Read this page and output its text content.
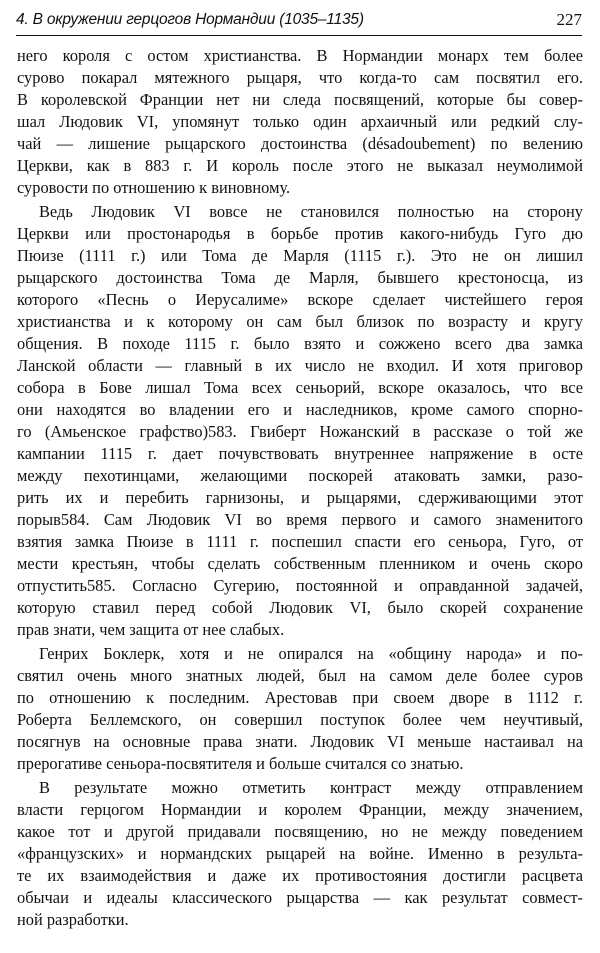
4. В окружении герцогов Нормандии (1035–1135)	227
него короля с остом христианства. В Нормандии монарх тем более
сурово покарал мятежного рыцаря, что когда-то сам посвятил его.
В королевской Франции нет ни следа посвящений, которые бы совер-
шал Людовик VI, упомянут только один архаичный или редкий слу-
чай — лишение рыцарского достоинства (désadoubement) по велению
Церкви, как в 883 г. И король после этого не выказал неумолимой
суровости по отношению к виновному.
Ведь Людовик VI вовсе не становился полностью на сторону
Церкви или простонародья в борьбе против какого-нибудь Гуго дю
Пюизе (1111 г.) или Тома де Марля (1115 г.). Это не он лишил
рыцарского достоинства Тома де Марля, бывшего крестоносца, из
которого «Песнь о Иерусалиме» вскоре сделает чистейшего героя
христианства и к которому он сам был близок по возрасту и кругу
общения. В походе 1115 г. было взято и сожжено всего два замка
Ланской области — главный в их число не входил. И хотя приговор
собора в Бове лишал Тома всех сеньорий, вскоре оказалось, что все
они находятся во владении его и наследников, кроме самого спорно-
го (Амьенское графство)583. Гвиберт Ножанский в рассказе о той же
кампании 1115 г. дает почувствовать внутреннее напряжение в осте
между пехотинцами, желающими поскорей атаковать замки, разо-
рить их и перебить гарнизоны, и рыцарями, сдерживающими этот
порыв584. Сам Людовик VI во время первого и самого знаменитого
взятия замка Пюизе в 1111 г. поспешил спасти его сеньора, Гуго, от
мести крестьян, чтобы сделать собственным пленником и очень скоро
отпустить585. Согласно Сугерию, постоянной и оправданной задачей,
которую ставил перед собой Людовик VI, было скорей сохранение
прав знати, чем защита от нее слабых.
Генрих Боклерк, хотя и не опирался на «общину народа» и по-
святил очень много знатных людей, был на самом деле более суров
по отношению к последним. Арестовав при своем дворе в 1112 г.
Роберта Беллемского, он совершил поступок более чем неучтивый,
посягнув на основные права знати. Людовик VI меньше настаивал на
прерогативе сеньора-посвятителя и больше считался со знатью.
В результате можно отметить контраст между отправлением
власти герцогом Нормандии и королем Франции, между значением,
какое тот и другой придавали посвящению, но не между поведением
«французских» и нормандских рыцарей на войне. Именно в результа-
те их взаимодействия и даже их противостояния достигли расцвета
обычаи и идеалы классического рыцарства — как результат совмест-
ной разработки.
